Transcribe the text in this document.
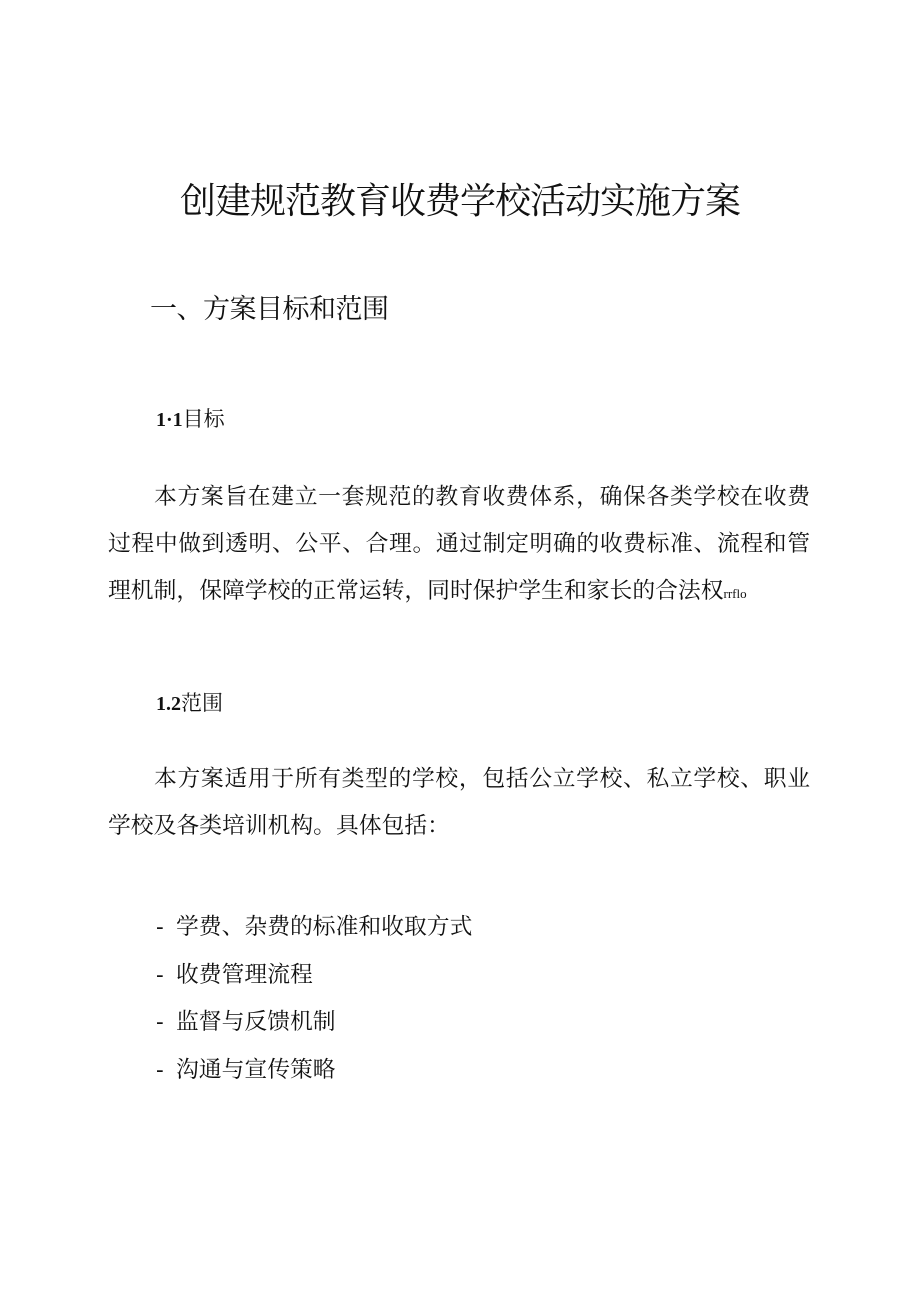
创建规范教育收费学校活动实施方案
一、方案目标和范围
1·1目标
本方案旨在建立一套规范的教育收费体系，确保各类学校在收费过程中做到透明、公平、合理。通过制定明确的收费标准、流程和管理机制，保障学校的正常运转，同时保护学生和家长的合法权rrflo
1.2范围
本方案适用于所有类型的学校，包括公立学校、私立学校、职业学校及各类培训机构。具体包括：
- 学费、杂费的标准和收取方式
- 收费管理流程
- 监督与反馈机制
- 沟通与宣传策略
